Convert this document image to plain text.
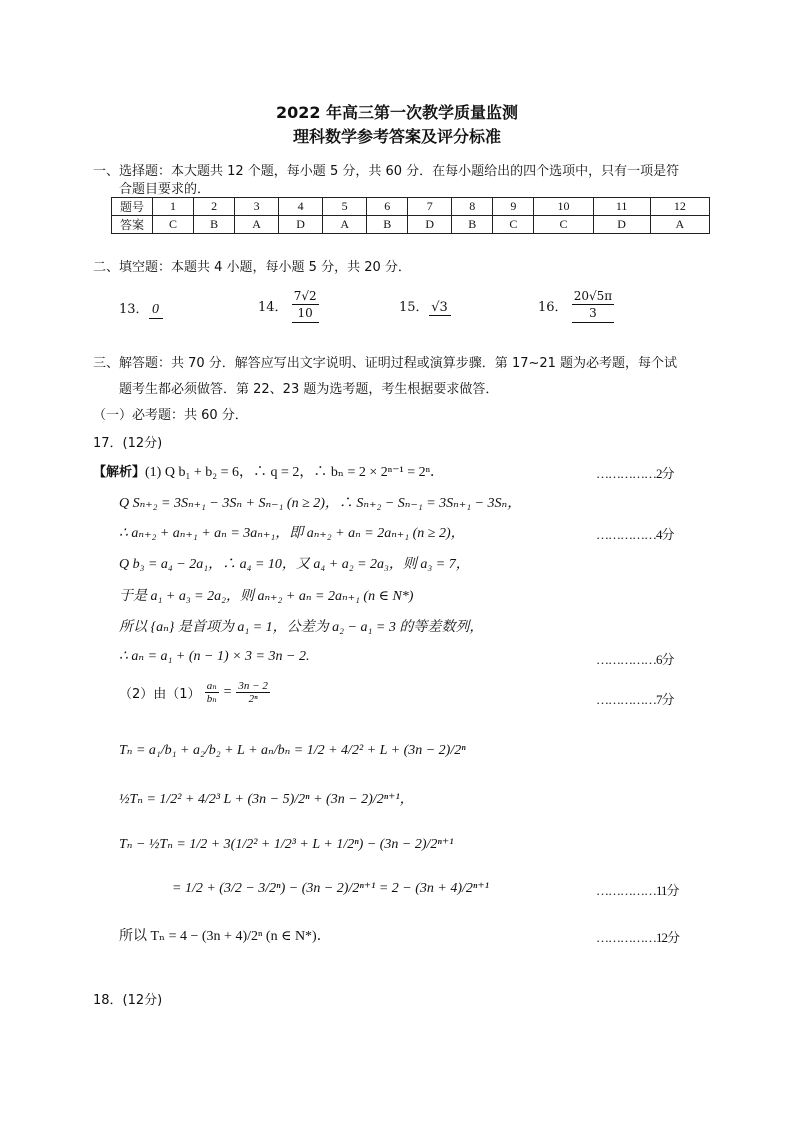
2022 年高三第一次教学质量监测
理科数学参考答案及评分标准
一、选择题：本大题共 12 个题，每小题 5 分，共 60 分．在每小题给出的四个选项中，只有一项是符
合题目要求的．
题号	1	2	3	4	5	6	7	8	9	10	11	12
答案	C	B	A	D	A	B	D	B	C	C	D	A
二、填空题：本题共 4 小题，每小题 5 分，共 20 分．
13． 0	14． $\frac{7√2}{10}$	15． √3	16． $\frac{20√5\pi}{3}$
三、解答题：共 70 分．解答应写出文字说明、证明过程或演算步骤．第 17~21 题为必考题，每个试
题考生都必须做答．第 22、23 题为选考题，考生根据要求做答．
（一）必考题：共 60 分．
17．(12分)
【解析】(1) Q b₁ + b₂ = 6，∴ q = 2，∴ bₙ = 2 × 2ⁿ⁻¹ = 2ⁿ．	……………2分
Q Sₙ₊₂ = 3Sₙ₊₁ − 3Sₙ + Sₙ₋₁ (n ≥ 2)，∴ Sₙ₊₂ − Sₙ₋₁ = 3Sₙ₊₁ − 3Sₙ，
∴ aₙ₊₂ + aₙ₊₁ + aₙ = 3aₙ₊₁，即 aₙ₊₂ + aₙ = 2aₙ₊₁ (n ≥ 2)，	……………4分
Q b₃ = a₄ − 2a₁，∴ a₄ = 10，又 a₄ + a₂ = 2a₃，则 a₃ = 7，
于是 a₁ + a₃ = 2a₂，则 aₙ₊₂ + aₙ = 2aₙ₊₁ (n ∈ N*)
所以 {aₙ} 是首项为 a₁ = 1，公差为 a₂ − a₁ = 3 的等差数列，
∴ aₙ = a₁ + (n − 1) × 3 = 3n − 2.	……………6分
（2）由$(1) \frac{\text{aₙ}}{\text{bₙ}} = \frac{3n - 2}{\text{2ⁿ}}$	……………7分
Tₙ = a₁/b₁ + a₂/b₂ + L + aₙ/bₙ = 1/2 + 4/2² + L + (3n − 2)/2ⁿ
½Tₙ = 1/2² + 4/2³ L + (3n − 5)/2ⁿ + (3n − 2)/2ⁿ⁺¹，
Tₙ − ½Tₙ = 1/2 + 3(1/2² + 1/2³ + L + 1/2ⁿ) − (3n − 2)/2ⁿ⁺¹
= 1/2 + (3/2 − 3/2ⁿ) − (3n − 2)/2ⁿ⁺¹ = 2 − (3n + 4)/2ⁿ⁺¹	……………11分
所以 Tₙ = 4 − (3n + 4)/2ⁿ (n ∈ N*)．	……………12分
18．(12分)
